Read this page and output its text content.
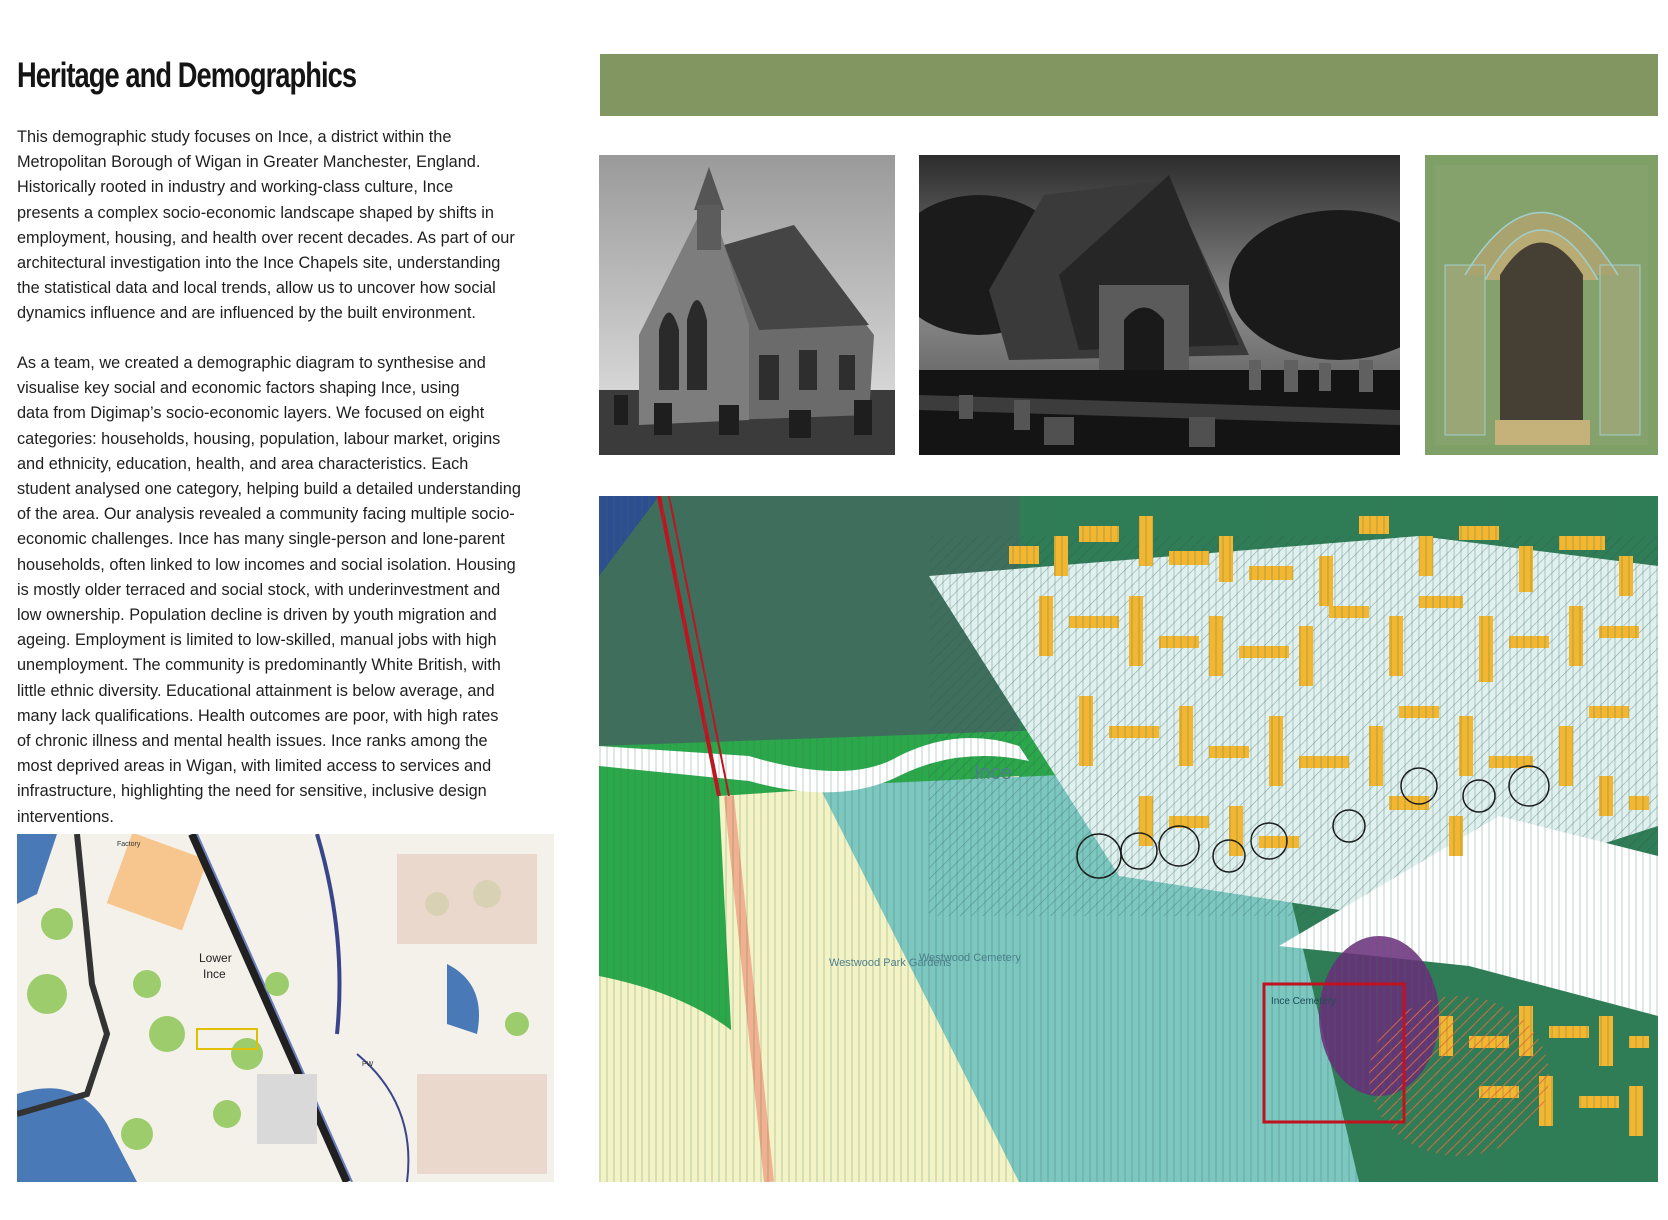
Heritage and Demographics

This demographic study focuses on Ince, a district within the
Metropolitan Borough of Wigan in Greater Manchester, England.
Historically rooted in industry and working-class culture, Ince
presents a complex socio-economic landscape shaped by shifts in
employment, housing, and health over recent decades. As part of our
architectural investigation into the Ince Chapels site, understanding
the statistical data and local trends, allow us to uncover how social
dynamics influence and are influenced by the built environment.

As a team, we created a demographic diagram to synthesise and
visualise key social and economic factors shaping Ince, using
data from Digimap’s socio-economic layers. We focused on eight
categories: households, housing, population, labour market, origins
and ethnicity, education, health, and area characteristics. Each
student analysed one category, helping build a detailed understanding
of the area. Our analysis revealed a community facing multiple socio-
economic challenges. Ince has many single-person and lone-parent
households, often linked to low incomes and social isolation. Housing
is mostly older terraced and social stock, with underinvestment and
low ownership. Population decline is driven by youth migration and
ageing. Employment is limited to low-skilled, manual jobs with high
unemployment. The community is predominantly White British, with
little ethnic diversity. Educational attainment is below average, and
many lack qualifications. Health outcomes are poor, with high rates
of chronic illness and mental health issues. Ince ranks among the
most deprived areas in Wigan, with limited access to services and
infrastructure, highlighting the need for sensitive, inclusive design
interventions.

Lower
Ince
Factory
PW
Ince
Westwood Park Gardens
Westwood Cemetery
Ince Cemetery
